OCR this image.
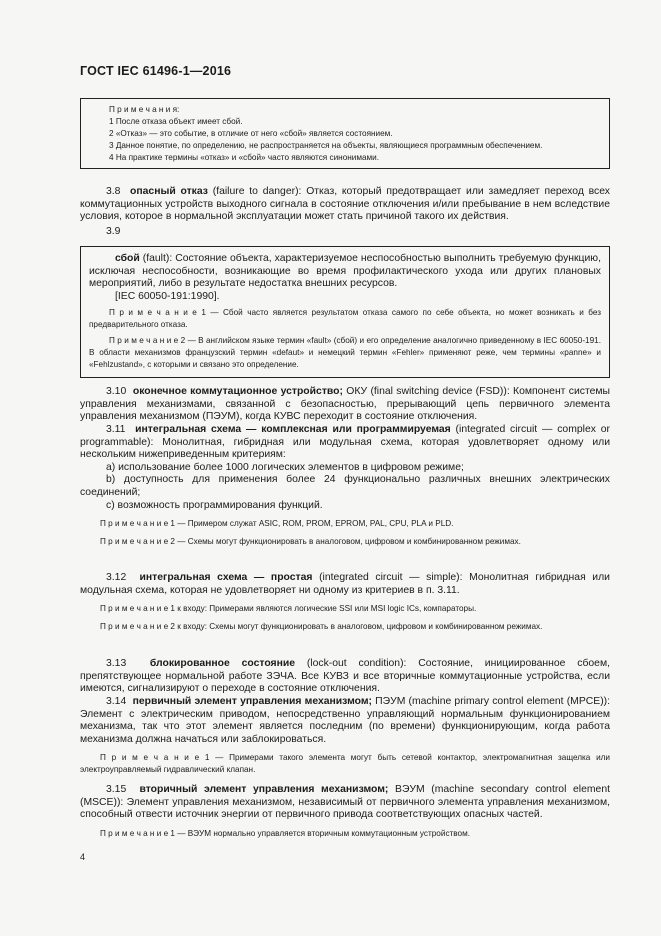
ГОСТ IEC 61496-1—2016

П р и м е ч а н и я:

1 После отказа объект имеет сбой.

2 «Отказ» — это событие, в отличие от него «сбой» является состоянием.

3 Данное понятие, по определению, не распространяется на объекты, являющиеся программным обеспечением.

4 На практике термины «отказ» и «сбой» часто являются синонимами.

3.8 опасный отказ (failure to danger): Отказ, который предотвращает или замедляет переход всех коммутационных устройств выходного сигнала в состояние отключения и/или пребывание в нем вследствие условия, которое в нормальной эксплуатации может стать причиной такого их действия.

3.9

сбой (fault): Состояние объекта, характеризуемое неспособностью выполнить требуемую функцию, исключая неспособности, возникающие во время профилактического ухода или других плановых мероприятий, либо в результате недостатка внешних ресурсов.

[IEC 60050-191:1990].

П р и м е ч а н и е 1 — Сбой часто является результатом отказа самого по себе объекта, но может возникать и без предварительного отказа.

П р и м е ч а н и е 2 — В английском языке термин «fault» (сбой) и его определение аналогично приведенному в IEC 60050-191. В области механизмов французский термин «defaut» и немецкий термин «Fehler» применяют реже, чем термины «panne» и «Fehlzustand», с которыми и связано это определение.

3.10 оконечное коммутационное устройство; ОКУ (final switching device (FSD)): Компонент системы управления механизмами, связанной с безопасностью, прерывающий цепь первичного элемента управления механизмом (ПЭУМ), когда КУВС переходит в состояние отключения.

3.11 интегральная схема — комплексная или программируемая (integrated circuit — complex or programmable): Монолитная, гибридная или модульная схема, которая удовлетворяет одному или нескольким нижеприведенным критериям:

a) использование более 1000 логических элементов в цифровом режиме;

b) доступность для применения более 24 функционально различных внешних электрических соединений;

c) возможность программирования функций.

П р и м е ч а н и е 1 — Примером служат ASIC, ROM, PROM, EPROM, PAL, CPU, PLA и PLD.

П р и м е ч а н и е 2 — Схемы могут функционировать в аналоговом, цифровом и комбинированном режимах.

3.12 интегральная схема — простая (integrated circuit — simple): Монолитная гибридная или модульная схема, которая не удовлетворяет ни одному из критериев в п. 3.11.

П р и м е ч а н и е 1 к входу: Примерами являются логические SSI или MSI logic ICs, компараторы.

П р и м е ч а н и е 2 к входу: Схемы могут функционировать в аналоговом, цифровом и комбинированном режимах.

3.13 блокированное состояние (lock-out condition): Состояние, инициированное сбоем, препятствующее нормальной работе ЗЭЧА. Все КУВЗ и все вторичные коммутационные устройства, если имеются, сигнализируют о переходе в состояние отключения.

3.14 первичный элемент управления механизмом; ПЭУМ (machine primary control element (MPCE)): Элемент с электрическим приводом, непосредственно управляющий нормальным функционированием механизма, так что этот элемент является последним (по времени) функционирующим, когда работа механизма должна начаться или заблокироваться.

П р и м е ч а н и е 1 — Примерами такого элемента могут быть сетевой контактор, электромагнитная защелка или электроуправляемый гидравлический клапан.

3.15 вторичный элемент управления механизмом; ВЭУМ (machine secondary control element (MSCE)): Элемент управления механизмом, независимый от первичного элемента управления механизмом, способный отвести источник энергии от первичного привода соответствующих опасных частей.

П р и м е ч а н и е 1 — ВЭУМ нормально управляется вторичным коммутационным устройством.

4
